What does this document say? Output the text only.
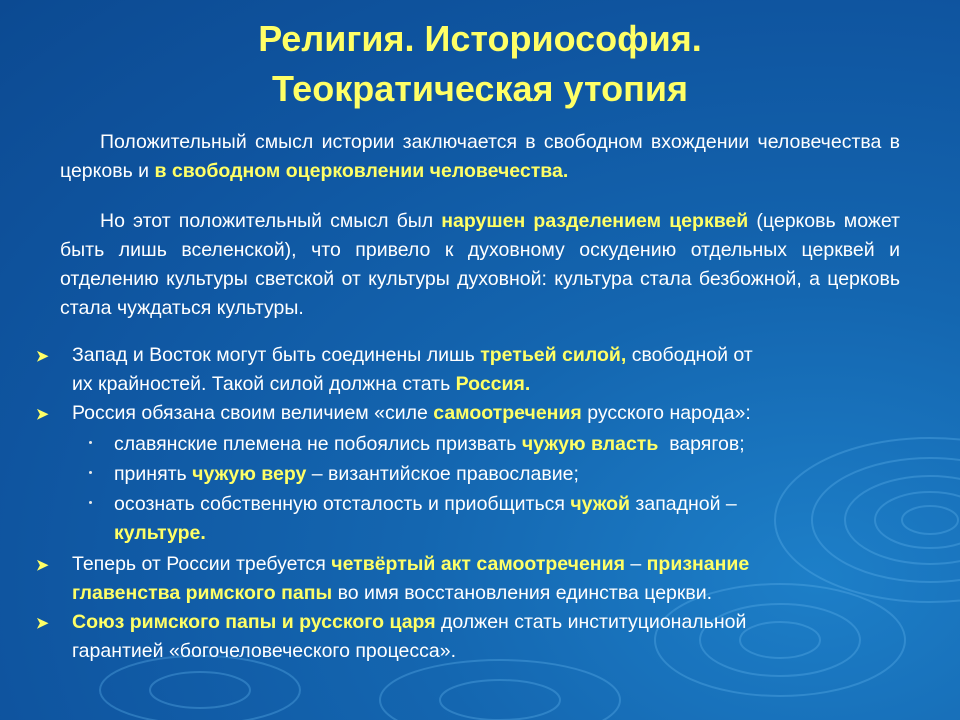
Религия. Историософия.
Теократическая утопия
Положительный смысл истории заключается в свободном вхождении человечества в церковь и в свободном оцерковлении человечества.
Но этот положительный смысл был нарушен разделением церквей (церковь может быть лишь вселенской), что привело к духовному оскудению отдельных церквей и отделению культуры светской от культуры духовной: культура стала безбожной, а церковь стала чуждаться культуры.
➤ Запад и Восток могут быть соединены лишь третьей силой, свободной от
их крайностей. Такой силой должна стать Россия.
➤ Россия обязана своим величием «силе самоотречения русского народа»:
славянские племена не побоялись призвать чужую власть  варягов;
принять чужую веру – византийское православие;
осознать собственную отсталость и приобщиться чужой западной –
культуре.
➤ Теперь от России требуется четвёртый акт самоотречения – признание
главенства римского папы во имя восстановления единства церкви.
➤ Союз римского папы и русского царя должен стать институциональной
гарантией «богочеловеческого процесса».
